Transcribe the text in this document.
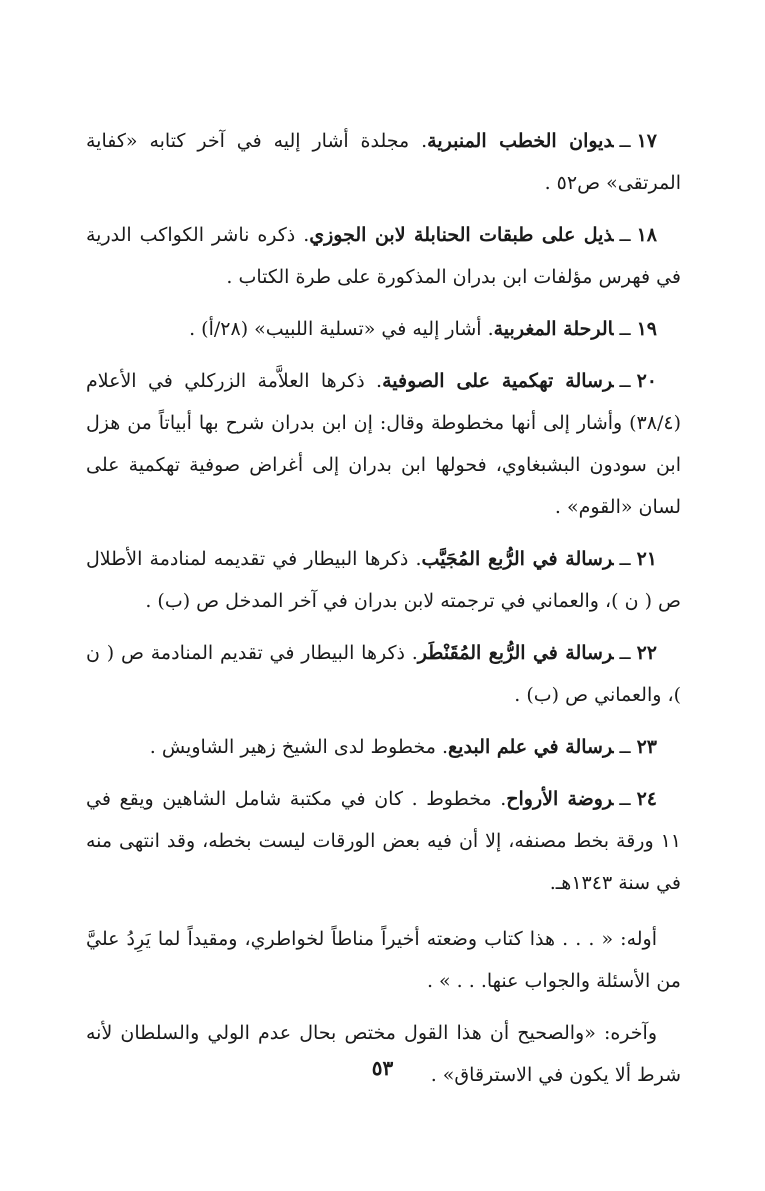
١٧ــديوان الخطب المنبرية. مجلدة أشار إليه في آخر كتابه «كفاية المرتقى» ص٥٢ .

١٨ــذيل على طبقات الحنابلة لابن الجوزي. ذكره ناشر الكواكب الدرية في فهرس مؤلفات ابن بدران المذكورة على طرة الكتاب .

١٩ــالرحلة المغربية. أشار إليه في «تسلية اللبيب» (٢٨/أ) .

٢٠ــرسالة تهكمية على الصوفية. ذكرها العلاَّمة الزركلي في الأعلام (٣٨/٤) وأشار إلى أنها مخطوطة وقال: إن ابن بدران شرح بها أبياتاً من هزل ابن سودون البشبغاوي، فحولها ابن بدران إلى أغراض صوفية تهكمية على لسان «القوم» .

٢١ــرسالة في الرُّبع المُجَيَّب. ذكرها البيطار في تقديمه لمنادمة الأطلال ص ( ن )، والعماني في ترجمته لابن بدران في آخر المدخل ص (ب) .

٢٢ــرسالة في الرُّبع المُقَنْطَر. ذكرها البيطار في تقديم المنادمة ص ( ن )، والعماني ص (ب) .

٢٣ــرسالة في علم البديع. مخطوط لدى الشيخ زهير الشاويش .

٢٤ــروضة الأرواح. مخطوط . كان في مكتبة شامل الشاهين ويقع في ١١ ورقة بخط مصنفه، إلا أن فيه بعض الورقات ليست بخطه، وقد انتهى منه في سنة ١٣٤٣هـ.

أوله: « . . . هذا كتاب وضعته أخيراً مناطاً لخواطري، ومقيداً لما يَرِدُ عليَّ من الأسئلة والجواب عنها. . . » .

وآخره: «والصحيح أن هذا القول مختص بحال عدم الولي والسلطان لأنه شرط ألا يكون في الاسترقاق» .

٥٣
